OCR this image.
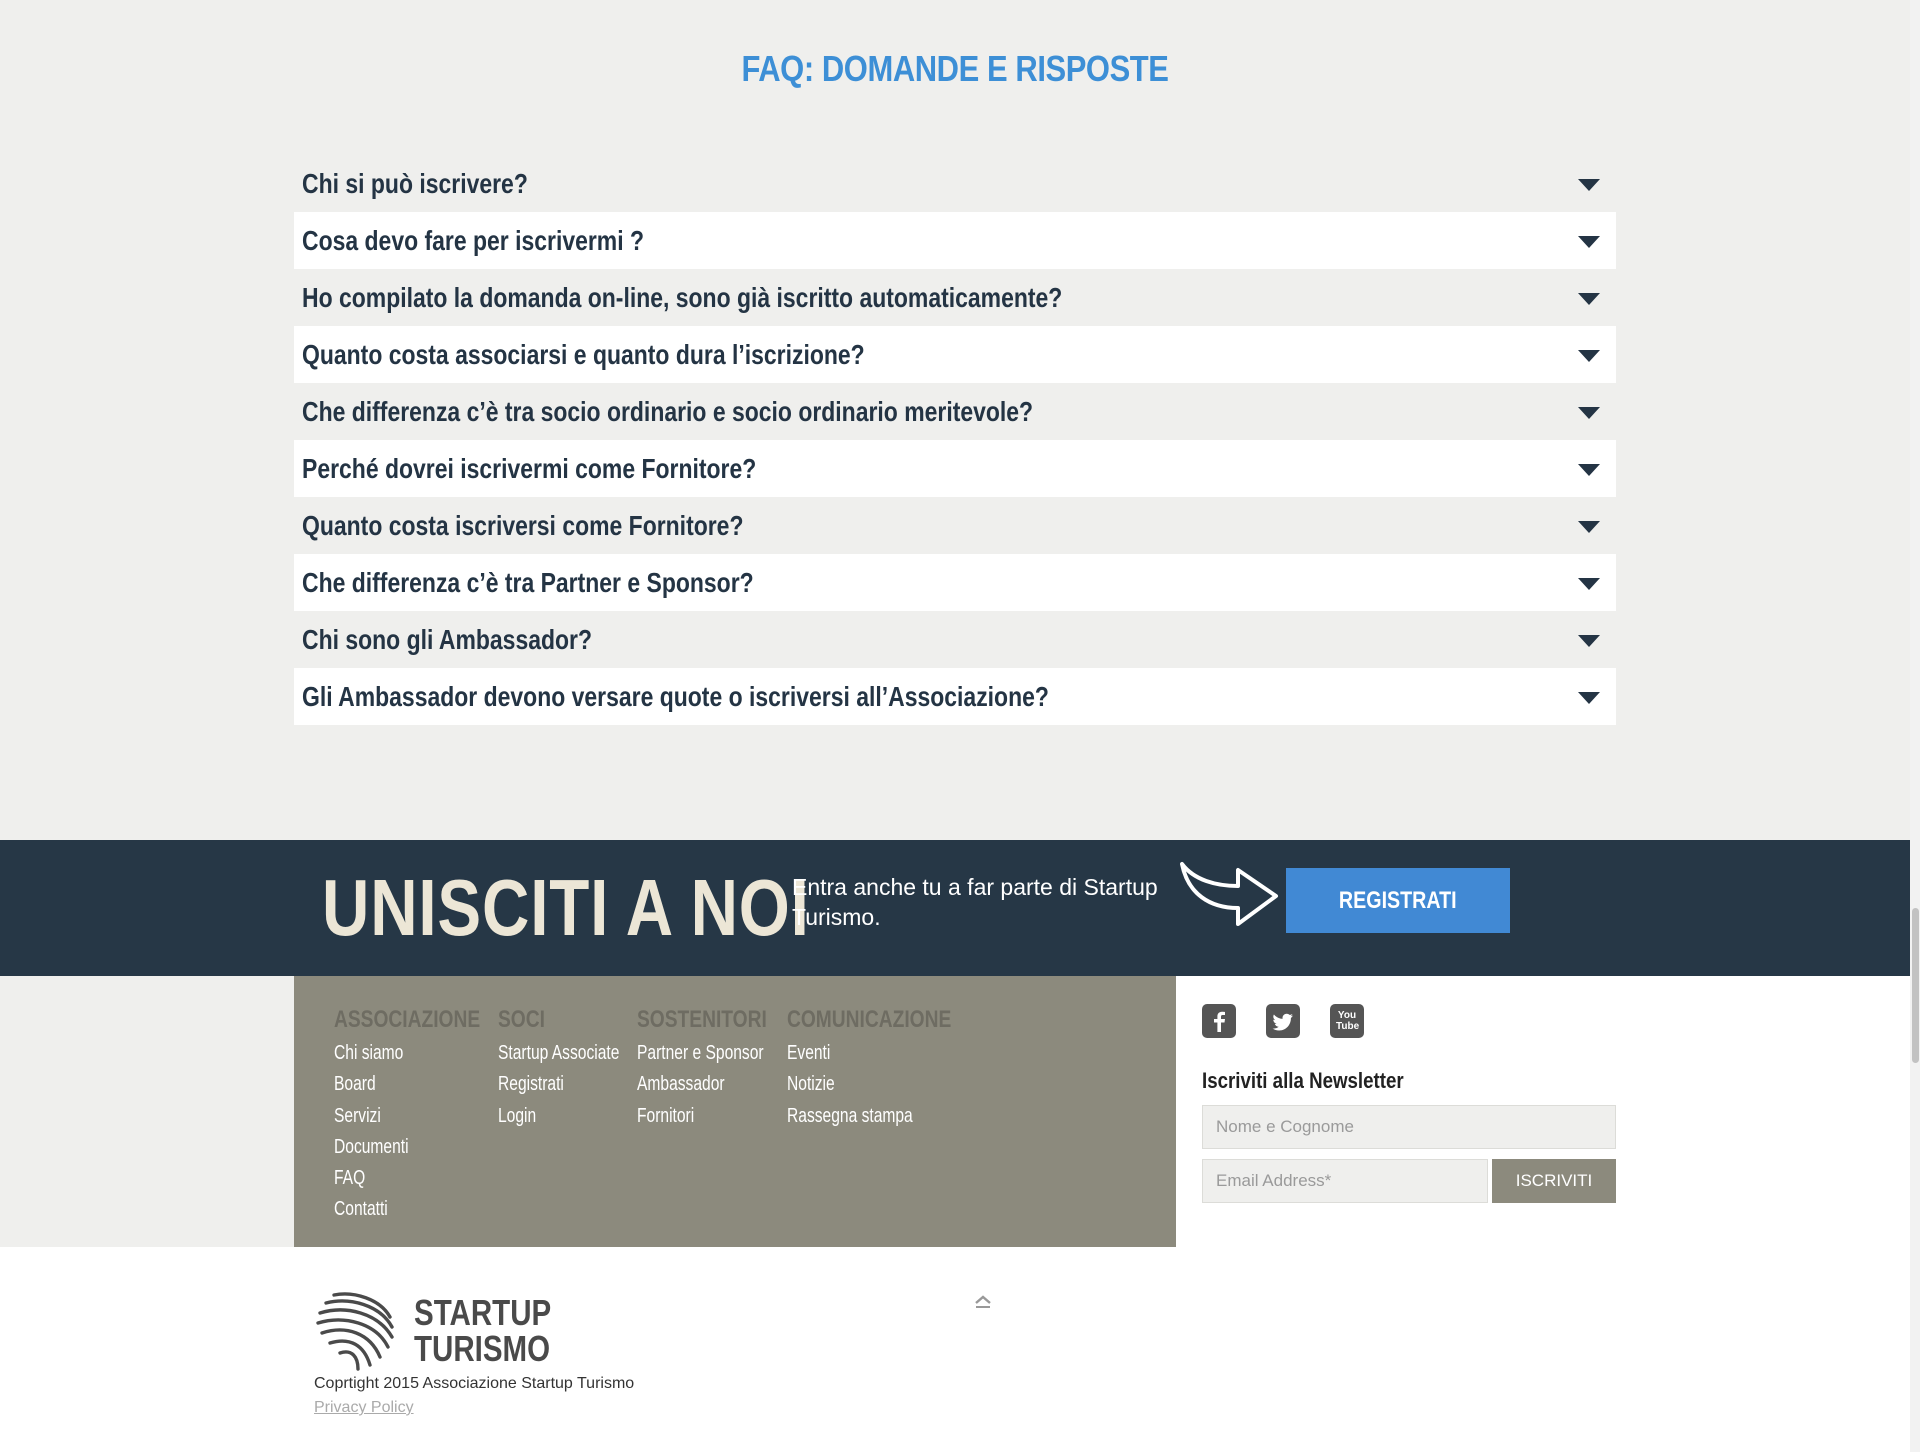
FAQ: DOMANDE E RISPOSTE
Chi si può iscrivere?
Cosa devo fare per iscrivermi ?
Ho compilato la domanda on-line, sono già iscritto automaticamente?
Quanto costa associarsi e quanto dura l’iscrizione?
Che differenza c’è tra socio ordinario e socio ordinario meritevole?
Perché dovrei iscrivermi come Fornitore?
Quanto costa iscriversi come Fornitore?
Che differenza c’è tra Partner e Sponsor?
Chi sono gli Ambassador?
Gli Ambassador devono versare quote o iscriversi all’Associazione?
UNISCITI A NOI
Entra anche tu a far parte di Startup Turismo.
REGISTRATI
ASSOCIAZIONE
Chi siamo
Board
Servizi
Documenti
FAQ
Contatti
SOCI
Startup Associate
Registrati
Login
SOSTENITORI
Partner e Sponsor
Ambassador
Fornitori
COMUNICAZIONE
Eventi
Notizie
Rassegna stampa
You Tube
Iscriviti alla Newsletter
Nome e Cognome
Email Address*
ISCRIVITI
STARTUP
TURISMO
Coprtight 2015 Associazione Startup Turismo
Privacy Policy
